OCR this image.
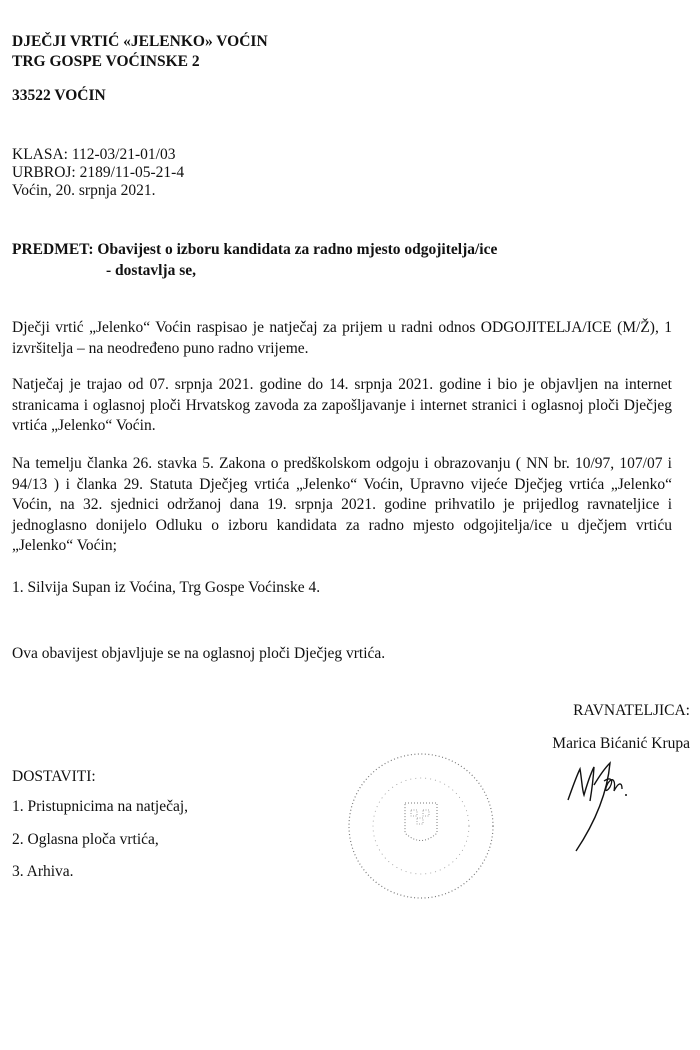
DJEČJI VRTIĆ «JELENKO» VOĆIN
TRG GOSPE VOĆINSKE 2
33522 VOĆIN
KLASA: 112-03/21-01/03
URBROJ: 2189/11-05-21-4
Voćin, 20. srpnja 2021.
PREDMET: Obavijest o izboru kandidata za radno mjesto odgojitelja/ice
- dostavlja se,
Dječji vrtić „Jelenko“ Voćin raspisao je natječaj za prijem u radni odnos ODGOJITELJA/ICE (M/Ž), 1 izvršitelja – na neodređeno puno radno vrijeme.
Natječaj je trajao od 07. srpnja 2021. godine do 14. srpnja 2021. godine i bio je objavljen na internet stranicama i oglasnoj ploči Hrvatskog zavoda za zapošljavanje i internet stranici i oglasnoj ploči Dječjeg vrtića „Jelenko“ Voćin.
Na temelju članka 26. stavka 5. Zakona o predškolskom odgoju i obrazovanju ( NN br. 10/97, 107/07 i 94/13 ) i članka 29. Statuta Dječjeg vrtića „Jelenko“ Voćin, Upravno vijeće Dječjeg vrtića „Jelenko“ Voćin, na 32. sjednici održanoj dana 19. srpnja 2021. godine prihvatilo je prijedlog ravnateljice i jednoglasno donijelo Odluku o izboru kandidata za radno mjesto odgojitelja/ice u dječjem vrtiću „Jelenko“ Voćin;
1. Silvija Supan iz Voćina, Trg Gospe Voćinske 4.
Ova obavijest objavljuje se na oglasnoj ploči Dječjeg vrtića.
RAVNATELJICA:
Marica Bićanić Krupa
DOSTAVITI:
1. Pristupnicima na natječaj,
2. Oglasna ploča vrtića,
3. Arhiva.
